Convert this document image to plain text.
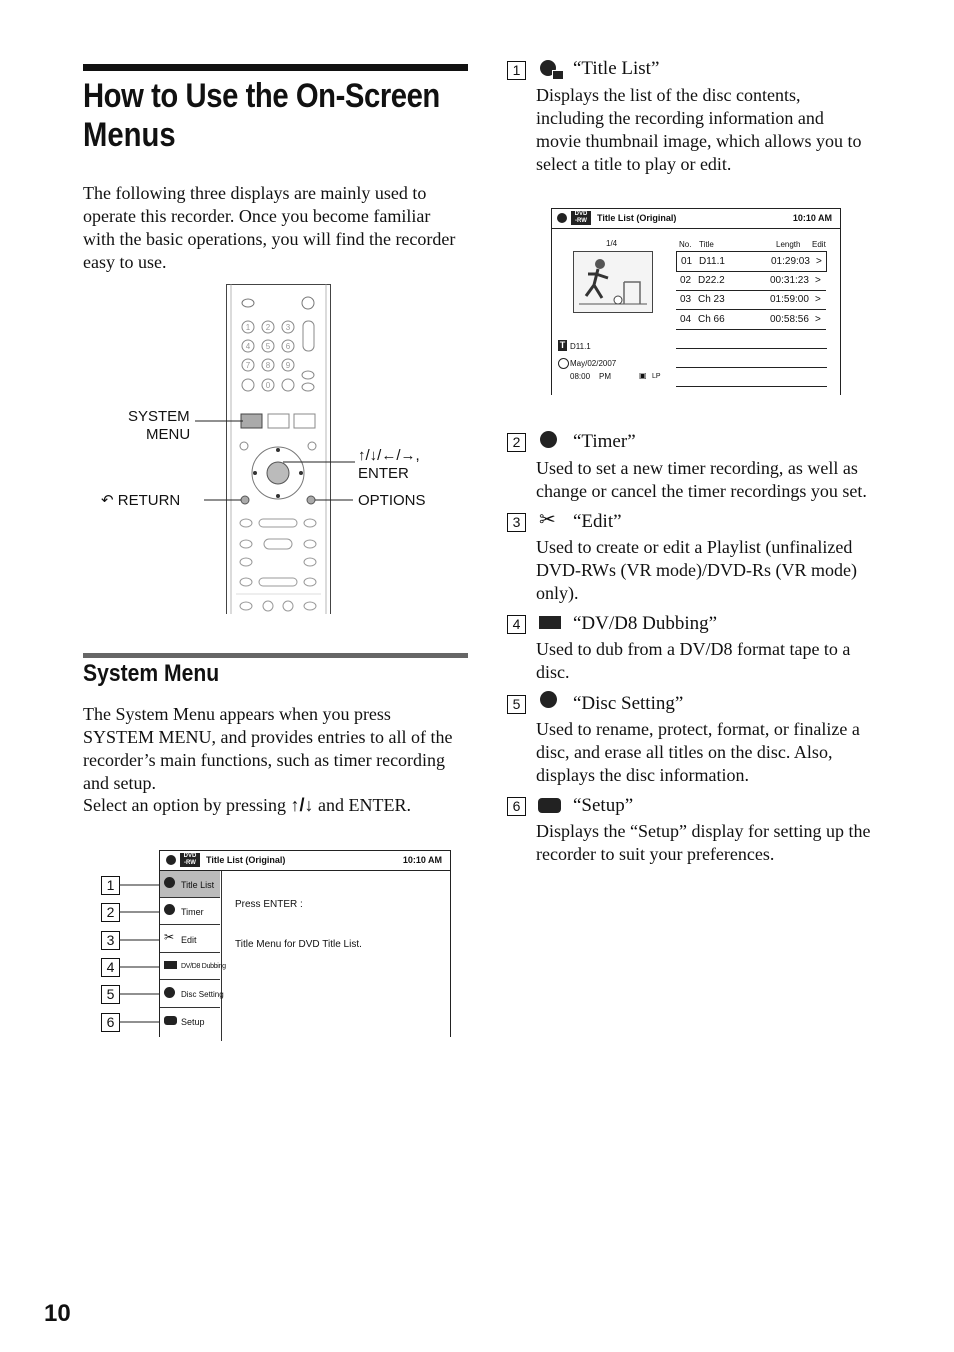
How to Use the On-Screen
Menus
The following three displays are mainly used to operate this recorder. Once you become familiar with the basic operations, you will find the recorder easy to use.
1 2 3
4 5 6
7 8 9
0
SYSTEM
MENU
↑/↓/←/→,
ENTER
↶ RETURN	OPTIONS
System Menu
The System Menu appears when you press SYSTEM MENU, and provides entries to all of the recorder’s main functions, such as timer recording and setup.
Select an option by pressing ↑/↓ and ENTER.
DVD
-RW	Title List (Original)	10:10 AM
Title List
Timer
✂ Edit
DV/D8 Dubbing
Disc Setting
Setup
Press ENTER :
Title Menu for DVD Title List.
1
2
3
4
5
6
10
1	“Title List”
Displays the list of the disc contents,
including the recording information and
movie thumbnail image, which allows you to
select a title to play or edit.
DVD
-RW	Title List (Original)	10:10 AM
1/4	No. Title	Length Edit
01 D11.1	01:29:03 >
02 D22.2	00:31:23 >
03 Ch 23	01:59:00 >
04 Ch 66	00:58:56 >
T D11.1
May/02/2007
08:00 PM	▣ LP
2	“Timer”
Used to set a new timer recording, as well as
change or cancel the timer recordings you set.
3 ✂ “Edit”
Used to create or edit a Playlist (unfinalized
DVD-RWs (VR mode)/DVD-Rs (VR mode)
only).
4	“DV/D8 Dubbing”
Used to dub from a DV/D8 format tape to a
disc.
5	“Disc Setting”
Used to rename, protect, format, or finalize a
disc, and erase all titles on the disc. Also,
displays the disc information.
6	“Setup”
Displays the “Setup” display for setting up the
recorder to suit your preferences.
